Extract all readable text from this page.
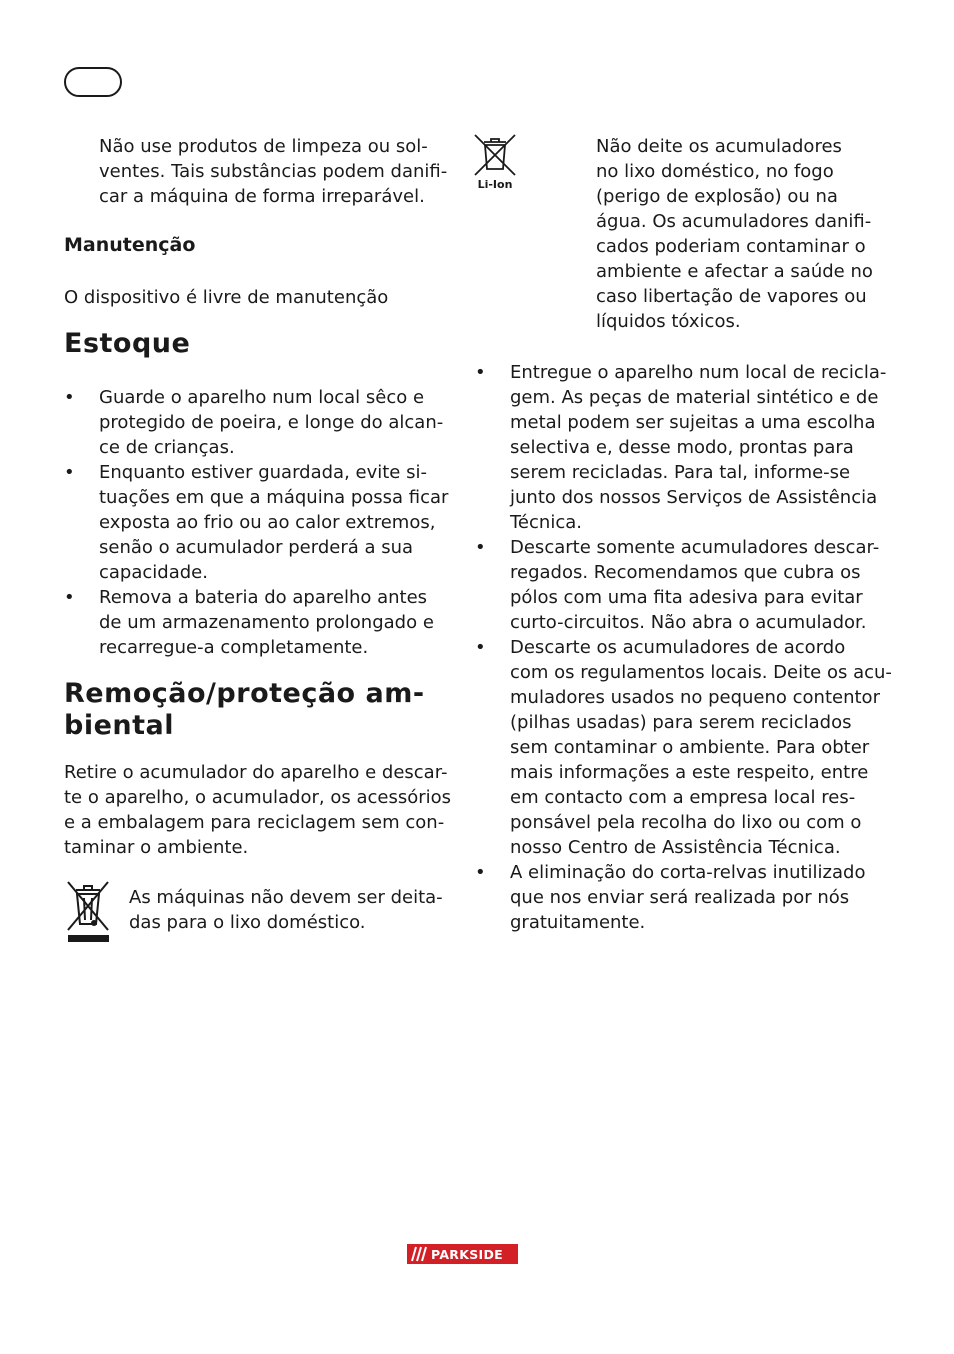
Não use produtos de limpeza ou sol-
ventes. Tais substâncias podem danifi-
car a máquina de forma irreparável.

Manutenção

O dispositivo é livre de manutenção

Estoque
• Guarde o aparelho num local sêco e
protegido de poeira, e longe do alcan-
ce de crianças.
• Enquanto estiver guardada, evite si-
tuações em que a máquina possa ficar
exposta ao frio ou ao calor extremos,
senão o acumulador perderá a sua
capacidade.
• Remova a bateria do aparelho antes
de um armazenamento prolongado e
recarregue-a completamente.
Remoção/proteção am-
biental

Retire o acumulador do aparelho e descar-
te o aparelho, o acumulador, os acessórios
e a embalagem para reciclagem sem con-
taminar o ambiente.

As máquinas não devem ser deita-
das para o lixo doméstico.

Li-Ion

Não deite os acumuladores
no lixo doméstico, no fogo
(perigo de explosão) ou na
água. Os acumuladores danifi-
cados poderiam contaminar o
ambiente e afectar a saúde no
caso libertação de vapores ou
líquidos tóxicos.

• Entregue o aparelho num local de recicla-
gem. As peças de material sintético e de
metal podem ser sujeitas a uma escolha
selectiva e, desse modo, prontas para
serem recicladas. Para tal, informe-se
junto dos nossos Serviços de Assistência
Técnica.
• Descarte somente acumuladores descar-
regados. Recomendamos que cubra os
pólos com uma fita adesiva para evitar
curto-circuitos. Não abra o acumulador.
• Descarte os acumuladores de acordo
com os regulamentos locais. Deite os acu-
muladores usados no pequeno contentor
(pilhas usadas) para serem reciclados
sem contaminar o ambiente. Para obter
mais informações a este respeito, entre
em contacto com a empresa local res-
ponsável pela recolha do lixo ou com o
nosso Centro de Assistência Técnica.
• A eliminação do corta-relvas inutilizado
que nos enviar será realizada por nós
gratuitamente.
PARKSIDE
